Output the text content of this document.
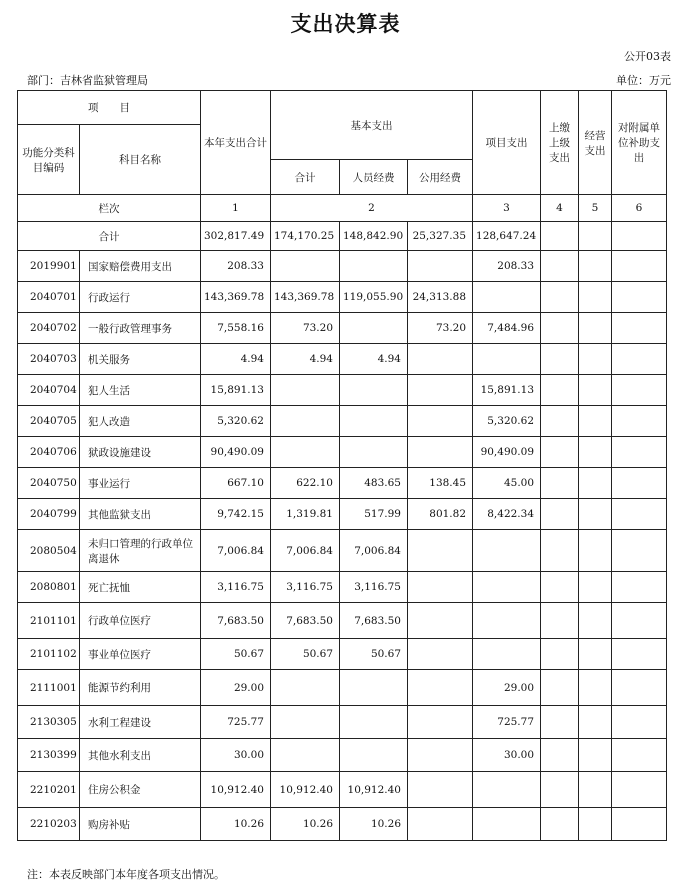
支出决算表
公开03表
部门：吉林省监狱管理局	单位：万元
项　　目		本年支出合计	基本支出			项目支出	上缴上级支出	经营支出	对附属单位补助支出
功能分类科目编码	科目名称								
			合计	人员经费	公用经费				
栏次		1	2			3	4	5	6
合计		302,817.49	174,170.25	148,842.90	25,327.35	128,647.24			
2019901	国家赔偿费用支出	208.33				208.33			
2040701	行政运行	143,369.78	143,369.78	119,055.90	24,313.88				
2040702	一般行政管理事务	7,558.16	73.20		73.20	7,484.96			
2040703	机关服务	4.94	4.94	4.94					
2040704	犯人生活	15,891.13				15,891.13			
2040705	犯人改造	5,320.62				5,320.62			
2040706	狱政设施建设	90,490.09				90,490.09			
2040750	事业运行	667.10	622.10	483.65	138.45	45.00			
2040799	其他监狱支出	9,742.15	1,319.81	517.99	801.82	8,422.34			
2080504	未归口管理的行政单位离退休	7,006.84	7,006.84	7,006.84					
2080801	死亡抚恤	3,116.75	3,116.75	3,116.75					
2101101	行政单位医疗	7,683.50	7,683.50	7,683.50					
2101102	事业单位医疗	50.67	50.67	50.67					
2111001	能源节约利用	29.00				29.00			
2130305	水利工程建设	725.77				725.77			
2130399	其他水利支出	30.00				30.00			
2210201	住房公积金	10,912.40	10,912.40	10,912.40					
2210203	购房补贴	10.26	10.26	10.26					
注：本表反映部门本年度各项支出情况。
